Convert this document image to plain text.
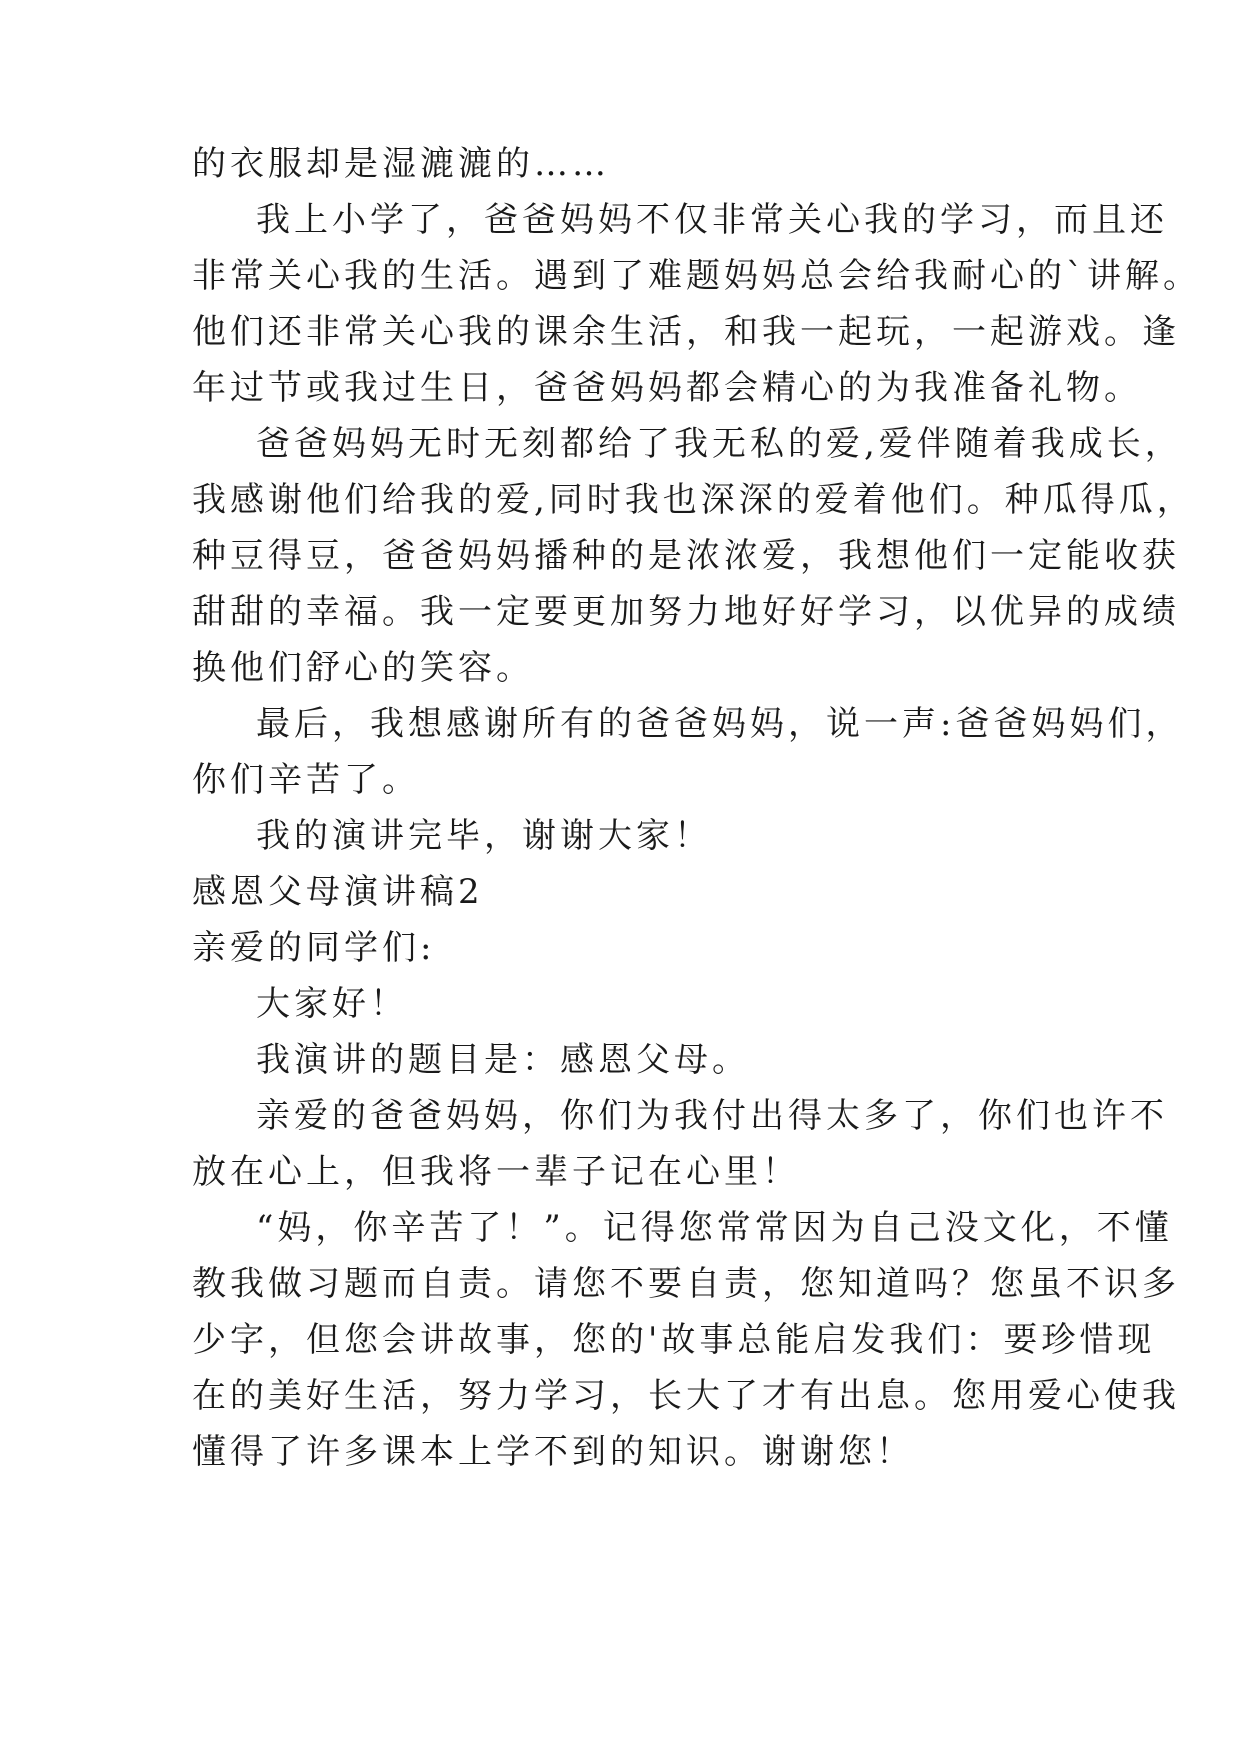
的衣服却是湿漉漉的……
我上小学了，爸爸妈妈不仅非常关心我的学习，而且还
非常关心我的生活。遇到了难题妈妈总会给我耐心的`讲解。
他们还非常关心我的课余生活，和我一起玩，一起游戏。逢
年过节或我过生日，爸爸妈妈都会精心的为我准备礼物。
爸爸妈妈无时无刻都给了我无私的爱,爱伴随着我成长，
我感谢他们给我的爱,同时我也深深的爱着他们。种瓜得瓜，
种豆得豆，爸爸妈妈播种的是浓浓爱，我想他们一定能收获
甜甜的幸福。我一定要更加努力地好好学习，以优异的成绩
换他们舒心的笑容。
最后，我想感谢所有的爸爸妈妈，说一声:爸爸妈妈们，
你们辛苦了。
我的演讲完毕，谢谢大家！
感恩父母演讲稿2
亲爱的同学们:
大家好！
我演讲的题目是：感恩父母。
亲爱的爸爸妈妈，你们为我付出得太多了，你们也许不
放在心上，但我将一辈子记在心里！
“妈，你辛苦了！”。记得您常常因为自己没文化，不懂
教我做习题而自责。请您不要自责，您知道吗？您虽不识多
少字，但您会讲故事，您的'故事总能启发我们：要珍惜现
在的美好生活，努力学习，长大了才有出息。您用爱心使我
懂得了许多课本上学不到的知识。谢谢您！
